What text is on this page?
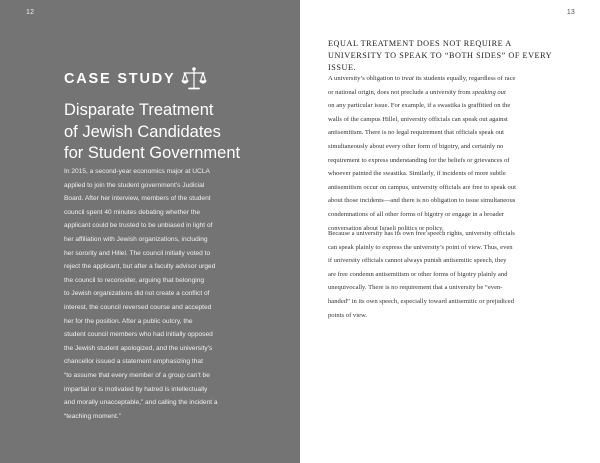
12
CASE STUDY
Disparate Treatment
of Jewish Candidates
for Student Government
In 2015, a second-year economics major at UCLA
applied to join the student government’s Judicial
Board. After her interview, members of the student
council spent 40 minutes debating whether the
applicant could be trusted to be unbiased in light of
her affiliation with Jewish organizations, including
her sorority and Hillel. The council initially voted to
reject the applicant, but after a faculty advisor urged
the council to reconsider, arguing that belonging
to Jewish organizations did not create a conflict of
interest, the council reversed course and accepted
her for the position. After a public outcry, the
student council members who had initially opposed
the Jewish student apologized, and the university’s
chancellor issued a statement emphasizing that
“to assume that every member of a group can’t be
impartial or is motivated by hatred is intellectually
and morally unacceptable,” and calling the incident a
“teaching moment.”
13
EQUAL TREATMENT DOES NOT REQUIRE A
UNIVERSITY TO SPEAK TO “BOTH SIDES” OF EVERY
ISSUE.
A university’s obligation to treat its students equally, regardless of race
or national origin, does not preclude a university from speaking out
on any particular issue. For example, if a swastika is graffitied on the
walls of the campus Hillel, university officials can speak out against
antisemitism. There is no legal requirement that officials speak out
simultaneously about every other form of bigotry, and certainly no
requirement to express understanding for the beliefs or grievances of
whoever painted the swastika. Similarly, if incidents of more subtle
antisemitism occur on campus, university officials are free to speak out
about those incidents—and there is no obligation to issue simultaneous
condemnations of all other forms of bigotry or engage in a broader
conversation about Israeli politics or policy.
Because a university has its own free speech rights, university officials
can speak plainly to express the university’s point of view. Thus, even
if university officials cannot always punish antisemitic speech, they
are free condemn antisemitism or other forms of bigotry plainly and
unequivocally. There is no requirement that a university be “even-
handed” in its own speech, especially toward antisemitic or prejudiced
points of view.
